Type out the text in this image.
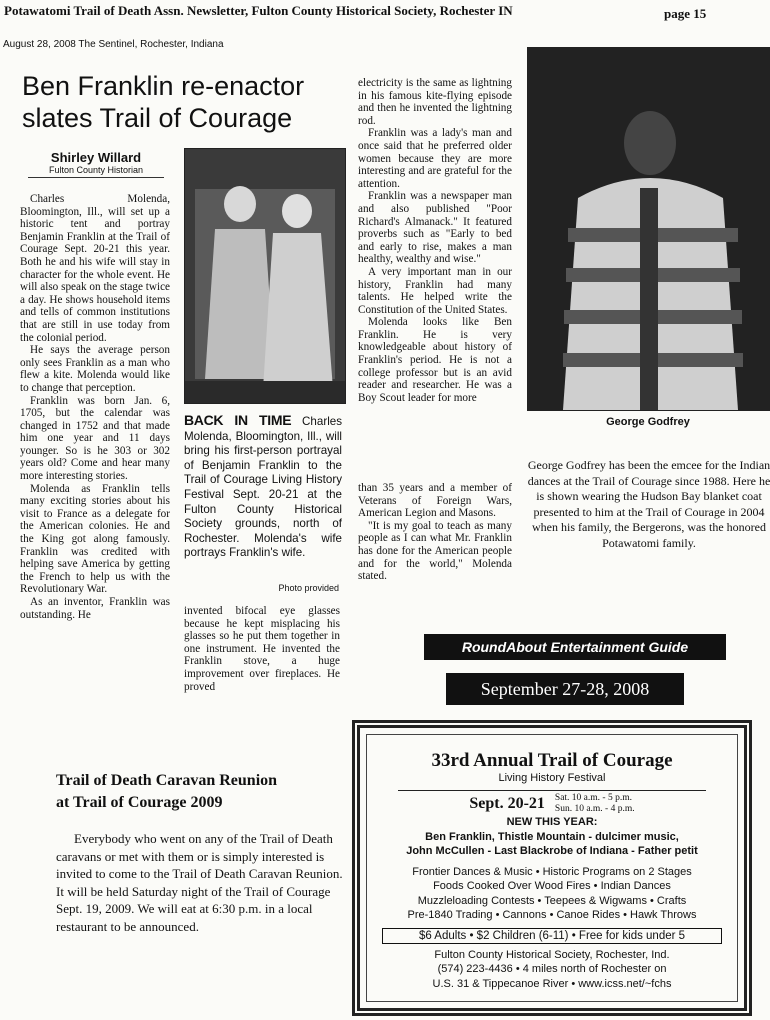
Potawatomi Trail of Death Assn. Newsletter, Fulton County Historical Society, Rochester IN	page 15
August 28, 2008 The Sentinel, Rochester, Indiana
Ben Franklin re-enactor
slates Trail of Courage
Shirley Willard
Fulton County Historian

Charles Molenda, Bloomington, Ill., will set up a historic tent and portray Benjamin Franklin at the Trail of Courage Sept. 20-21 this year. Both he and his wife will stay in character for the whole event. He will also speak on the stage twice a day. He shows household items and tells of common institutions that are still in use today from the colonial period.

He says the average person only sees Franklin as a man who flew a kite. Molenda would like to change that perception.

Franklin was born Jan. 6, 1705, but the calendar was changed in 1752 and that made him one year and 11 days younger. So is he 303 or 302 years old? Come and hear many more interesting stories.

Molenda as Franklin tells many exciting stories about his visit to France as a delegate for the American colonies. He and the King got along famously. Franklin was credited with helping save America by getting the French to help us with the Revolutionary War.

As an inventor, Franklin was outstanding. He

BACK IN TIME Charles Molenda, Bloomington, Ill., will bring his first-person portrayal of Benjamin Franklin to the Trail of Courage Living History Festival Sept. 20-21 at the Fulton County Historical Society grounds, north of Rochester. Molenda's wife portrays Franklin's wife.
Photo provided

invented bifocal eye glasses because he kept misplacing his glasses so he put them together in one instrument. He invented the Franklin stove, a huge improvement over fireplaces. He proved

electricity is the same as lightning in his famous kite-flying episode and then he invented the lightning rod.

Franklin was a lady's man and once said that he preferred older women because they are more interesting and are grateful for the attention.

Franklin was a newspaper man and also published "Poor Richard's Almanack." It featured proverbs such as "Early to bed and early to rise, makes a man healthy, wealthy and wise."

A very important man in our history, Franklin had many talents. He helped write the Constitution of the United States.

Molenda looks like Ben Franklin. He is very knowledgeable about history of Franklin's period. He is not a college professor but is an avid reader and researcher. He was a Boy Scout leader for more

than 35 years and a member of Veterans of Foreign Wars, American Legion and Masons.

"It is my goal to teach as many people as I can what Mr. Franklin has done for the American people and for the world," Molenda stated.

George Godfrey
George Godfrey has been the emcee for the Indian dances at the Trail of Courage since 1988. Here he is shown wearing the Hudson Bay blanket coat presented to him at the Trail of Courage in 2004 when his family, the Bergerons, was the honored Potawatomi family.
RoundAbout Entertainment Guide
September 27-28, 2008
Trail of Death Caravan Reunion
at Trail of Courage 2009
Everybody who went on any of the Trail of Death caravans or met with them or is simply interested is invited to come to the Trail of Death Caravan Reunion. It will be held Saturday night of the Trail of Courage Sept. 19, 2009. We will eat at 6:30 p.m. in a local restaurant to be announced.
33rd Annual Trail of Courage
Living History Festival
Sept. 20-21 Sat. 10 a.m. - 5 p.m.
Sun. 10 a.m. - 4 p.m.
NEW THIS YEAR:
Ben Franklin, Thistle Mountain - dulcimer music,
John McCullen - Last Blackrobe of Indiana - Father petit
Frontier Dances & Music • Historic Programs on 2 Stages
Foods Cooked Over Wood Fires • Indian Dances
Muzzleloading Contests • Teepees & Wigwams • Crafts
Pre-1840 Trading • Cannons • Canoe Rides • Hawk Throws
$6 Adults • $2 Children (6-11) • Free for kids under 5
Fulton County Historical Society, Rochester, Ind.
(574) 223-4436 • 4 miles north of Rochester on
U.S. 31 & Tippecanoe River • www.icss.net/~fchs
